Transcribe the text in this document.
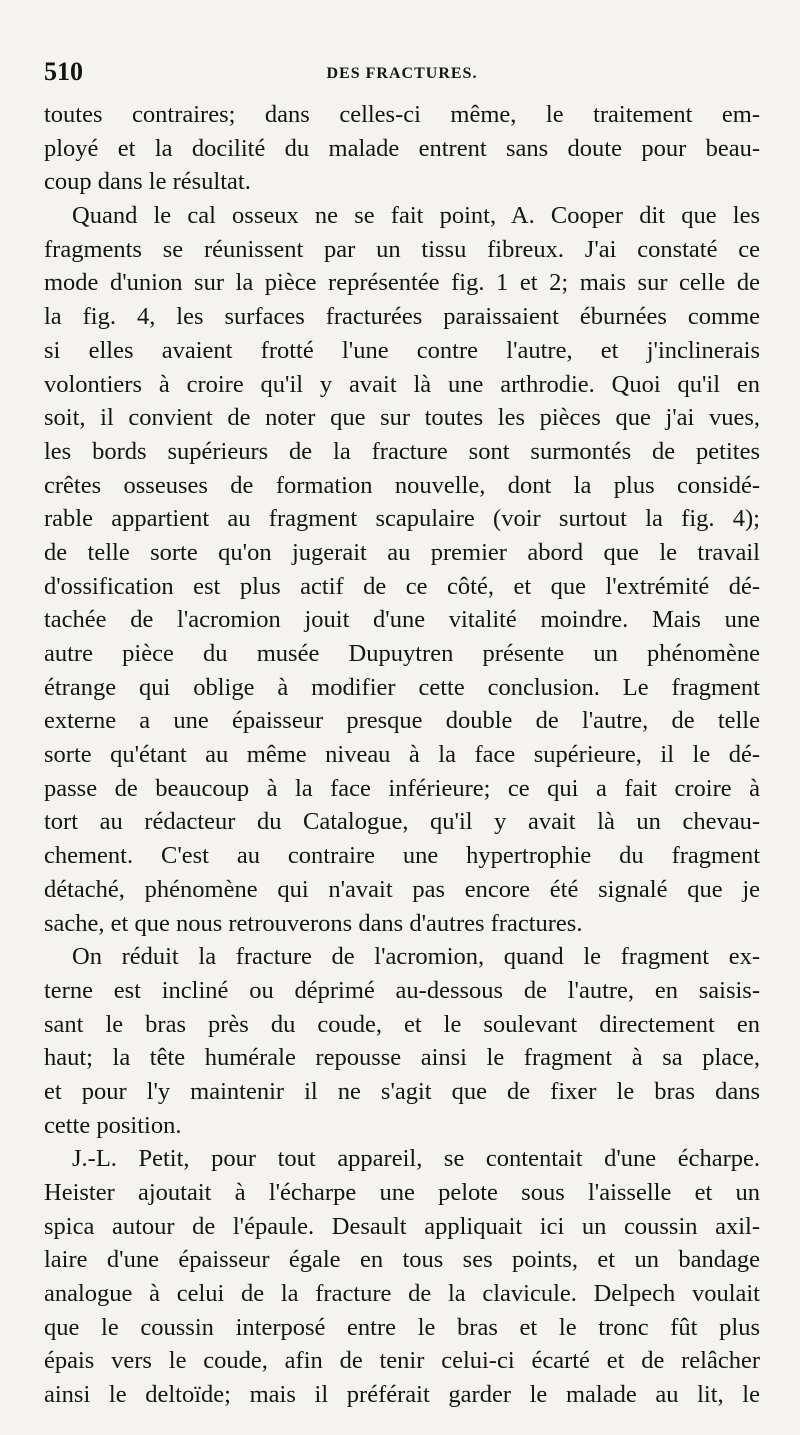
510	DES FRACTURES.
toutes contraires; dans celles-ci même, le traitement em-
ployé et la docilité du malade entrent sans doute pour beau-
coup dans le résultat.
Quand le cal osseux ne se fait point, A. Cooper dit que les
fragments se réunissent par un tissu fibreux. J'ai constaté ce
mode d'union sur la pièce représentée fig. 1 et 2; mais sur celle de
la fig. 4, les surfaces fracturées paraissaient éburnées comme
si elles avaient frotté l'une contre l'autre, et j'inclinerais
volontiers à croire qu'il y avait là une arthrodie. Quoi qu'il en
soit, il convient de noter que sur toutes les pièces que j'ai vues,
les bords supérieurs de la fracture sont surmontés de petites
crêtes osseuses de formation nouvelle, dont la plus considé-
rable appartient au fragment scapulaire (voir surtout la fig. 4);
de telle sorte qu'on jugerait au premier abord que le travail
d'ossification est plus actif de ce côté, et que l'extrémité dé-
tachée de l'acromion jouit d'une vitalité moindre. Mais une
autre pièce du musée Dupuytren présente un phénomène
étrange qui oblige à modifier cette conclusion. Le fragment
externe a une épaisseur presque double de l'autre, de telle
sorte qu'étant au même niveau à la face supérieure, il le dé-
passe de beaucoup à la face inférieure; ce qui a fait croire à
tort au rédacteur du Catalogue, qu'il y avait là un chevau-
chement. C'est au contraire une hypertrophie du fragment
détaché, phénomène qui n'avait pas encore été signalé que je
sache, et que nous retrouverons dans d'autres fractures.
On réduit la fracture de l'acromion, quand le fragment ex-
terne est incliné ou déprimé au-dessous de l'autre, en saisis-
sant le bras près du coude, et le soulevant directement en
haut; la tête humérale repousse ainsi le fragment à sa place,
et pour l'y maintenir il ne s'agit que de fixer le bras dans
cette position.
J.-L. Petit, pour tout appareil, se contentait d'une écharpe.
Heister ajoutait à l'écharpe une pelote sous l'aisselle et un
spica autour de l'épaule. Desault appliquait ici un coussin axil-
laire d'une épaisseur égale en tous ses points, et un bandage
analogue à celui de la fracture de la clavicule. Delpech voulait
que le coussin interposé entre le bras et le tronc fût plus
épais vers le coude, afin de tenir celui-ci écarté et de relâcher
ainsi le deltoïde; mais il préférait garder le malade au lit, le
